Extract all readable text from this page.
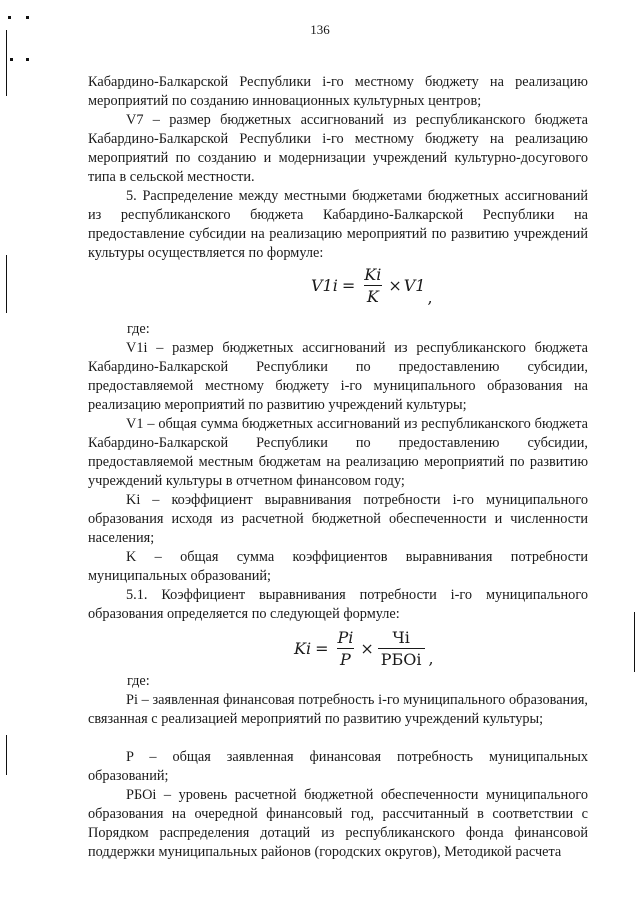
136

Кабардино-Балкарской Республики i-го местному бюджету на реализацию мероприятий по созданию инновационных культурных центров;

V7 – размер бюджетных ассигнований из республиканского бюджета Кабардино-Балкарской Республики i-го местному бюджету на реализацию мероприятий по созданию и модернизации учреждений культурно-досугового типа в сельской местности.

5. Распределение между местными бюджетами бюджетных ассигнований из республиканского бюджета Кабардино-Балкарской Республики на предоставление субсидии на реализацию мероприятий по развитию учреждений культуры осуществляется по формуле:

$V1i = \frac{Ki}{K} \times V1$
,

где:

V1i – размер бюджетных ассигнований из республиканского бюджета Кабардино-Балкарской Республики по предоставлению субсидии, предоставляемой местному бюджету i-го муниципального образования на реализацию мероприятий по развитию учреждений культуры;

V1 – общая сумма бюджетных ассигнований из республиканского бюджета Кабардино-Балкарской Республики по предоставлению субсидии, предоставляемой местным бюджетам на реализацию мероприятий по развитию учреждений культуры в отчетном финансовом году;

Ki – коэффициент выравнивания потребности i-го муниципального образования исходя из расчетной бюджетной обеспеченности и численности населения;

K – общая сумма коэффициентов выравнивания потребности муниципальных образований;

5.1. Коэффициент выравнивания потребности i-го муниципального образования определяется по следующей формуле:

$Ki = \frac{Pi}{P} \times \frac{Чi}{\text{РБОi}}$ ,

где:

Pi – заявленная финансовая потребность i-го муниципального образования, связанная с реализацией мероприятий по развитию учреждений культуры;

P – общая заявленная финансовая потребность муниципальных образований;

РБОi – уровень расчетной бюджетной обеспеченности муниципального образования на очередной финансовый год, рассчитанный в соответствии с Порядком распределения дотаций из республиканского фонда финансовой поддержки муниципальных районов (городских округов), Методикой расчета
